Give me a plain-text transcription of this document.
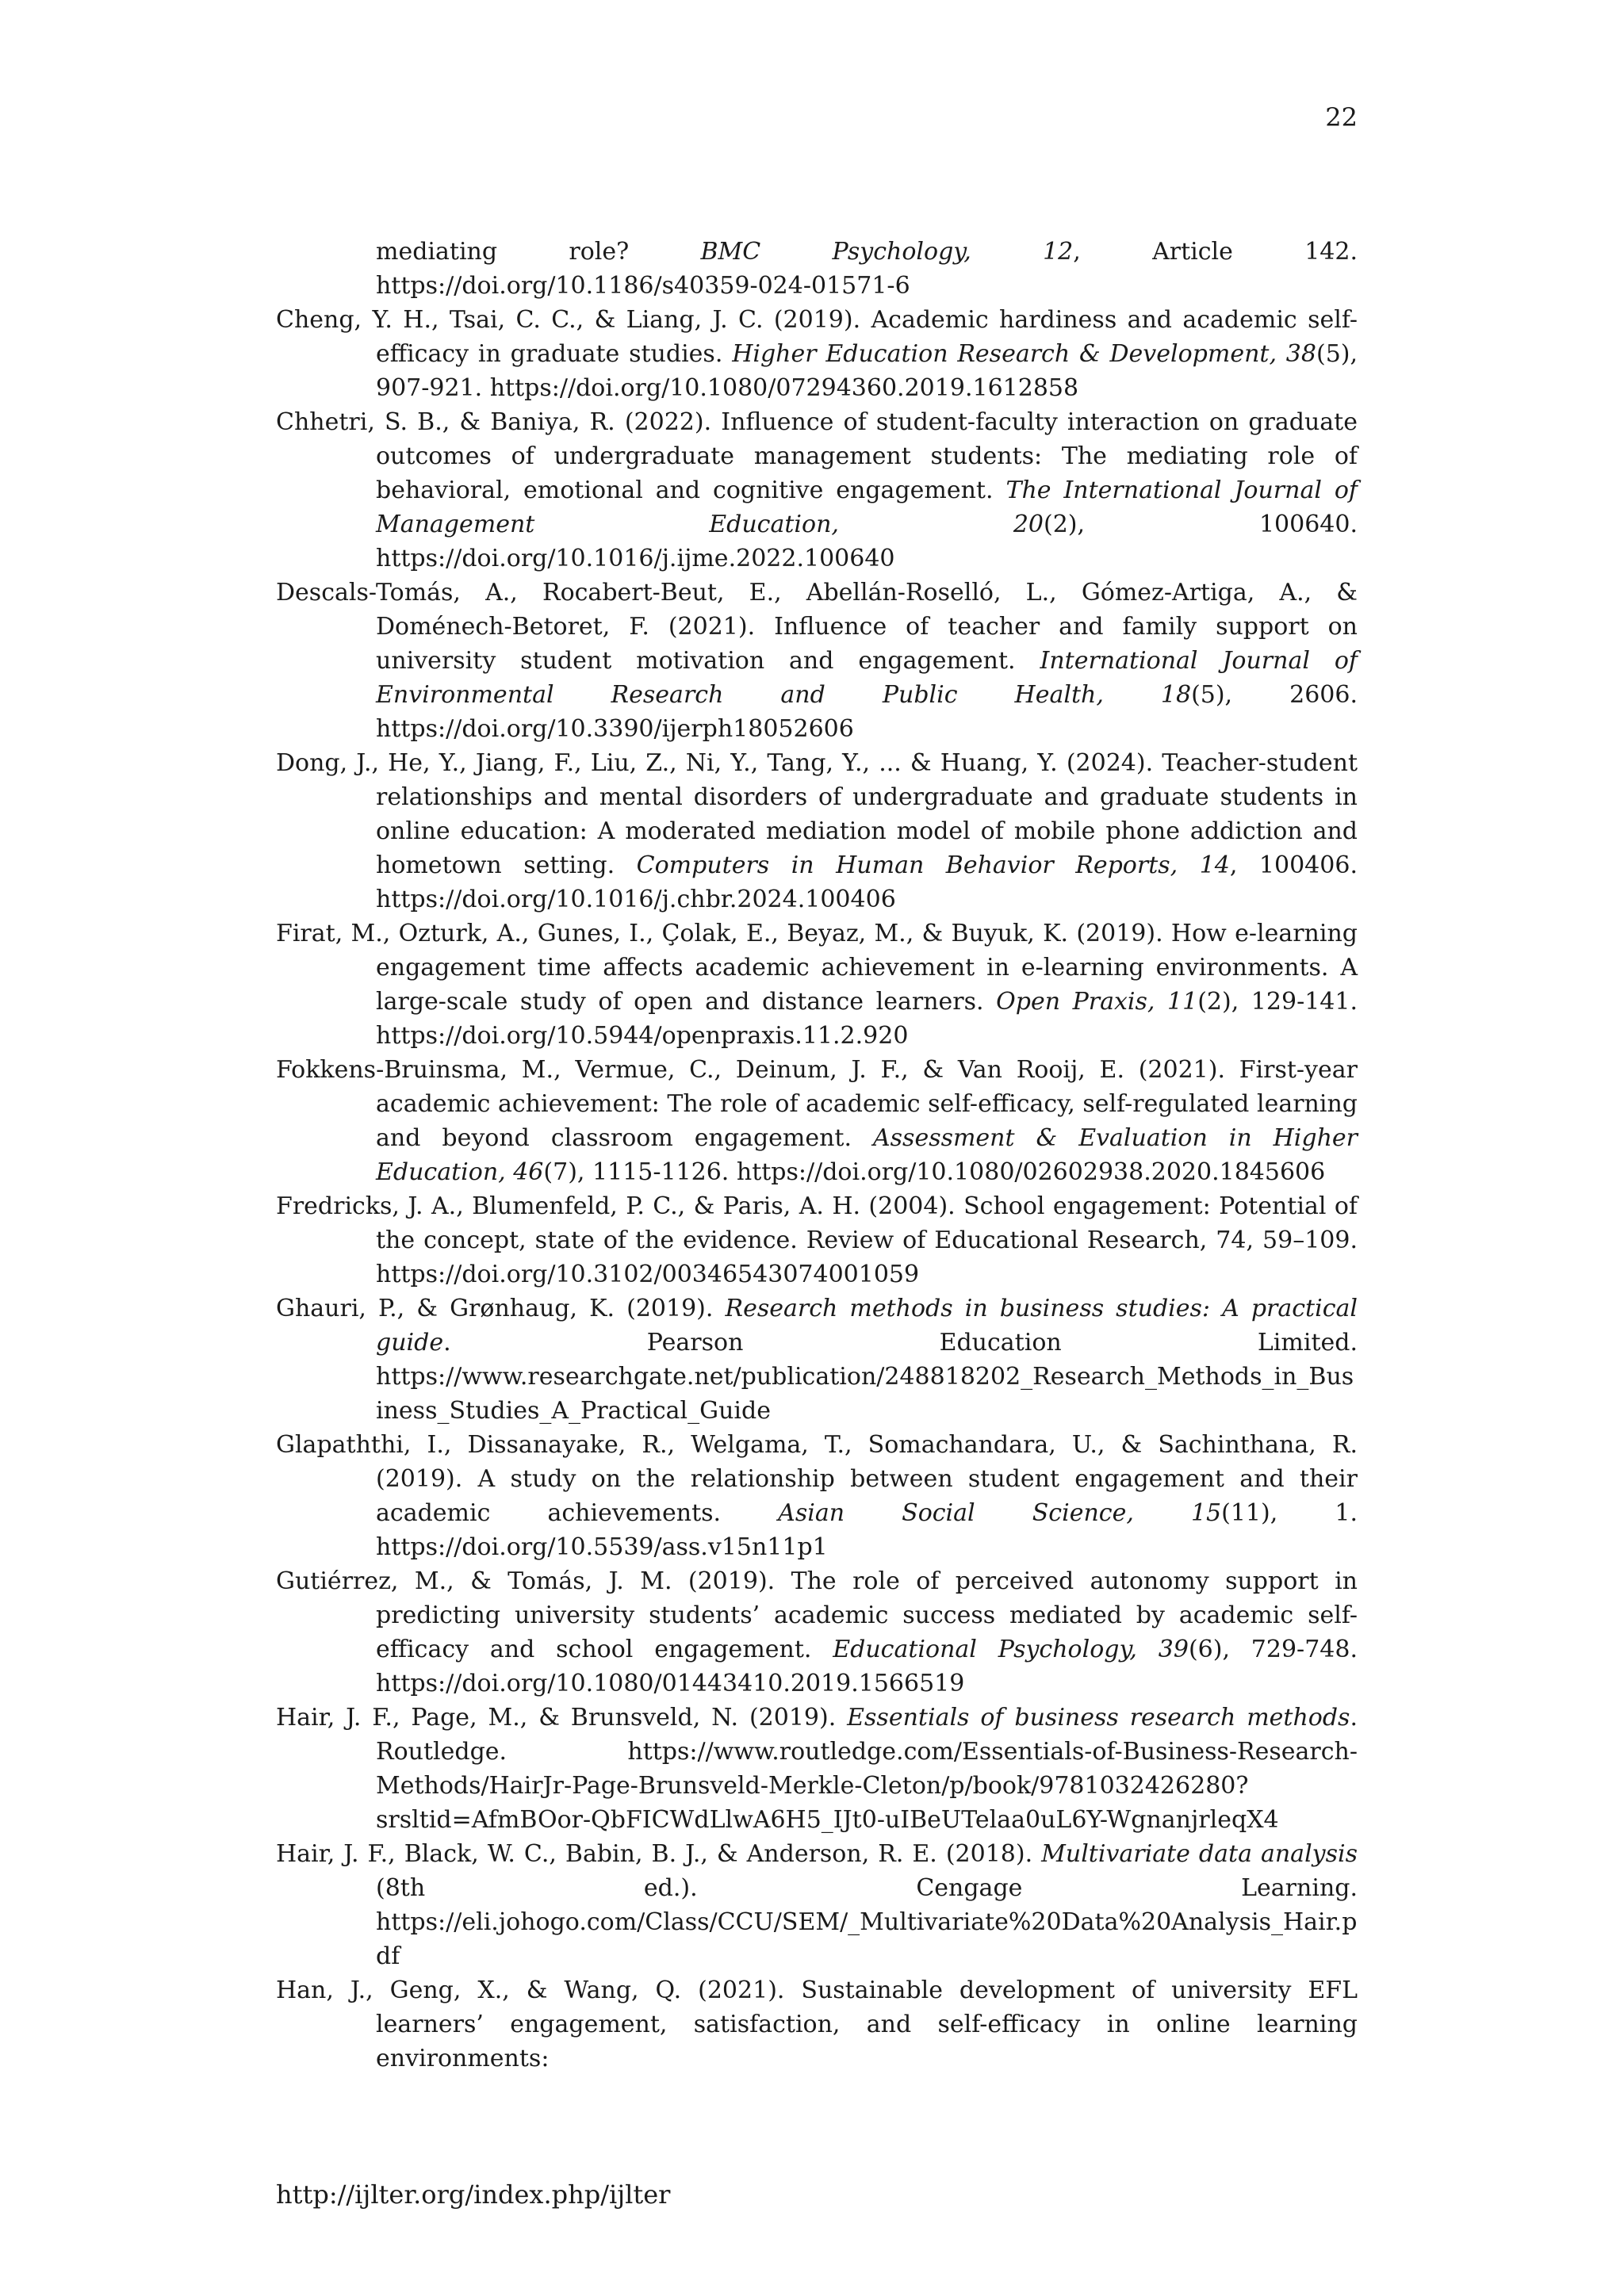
22

mediating role? BMC Psychology, 12, Article 142. https://doi.org/10.1186/s40359-024-01571-6

Cheng, Y. H., Tsai, C. C., & Liang, J. C. (2019). Academic hardiness and academic self-efficacy in graduate studies. Higher Education Research & Development, 38(5), 907-921. https://doi.org/10.1080/07294360.2019.1612858

Chhetri, S. B., & Baniya, R. (2022). Influence of student-faculty interaction on graduate outcomes of undergraduate management students: The mediating role of behavioral, emotional and cognitive engagement. The International Journal of Management Education, 20(2), 100640. https://doi.org/10.1016/j.ijme.2022.100640

Descals-Tomás, A., Rocabert-Beut, E., Abellán-Roselló, L., Gómez-Artiga, A., & Doménech-Betoret, F. (2021). Influence of teacher and family support on university student motivation and engagement. International Journal of Environmental Research and Public Health, 18(5), 2606. https://doi.org/10.3390/ijerph18052606

Dong, J., He, Y., Jiang, F., Liu, Z., Ni, Y., Tang, Y., ... & Huang, Y. (2024). Teacher-student relationships and mental disorders of undergraduate and graduate students in online education: A moderated mediation model of mobile phone addiction and hometown setting. Computers in Human Behavior Reports, 14, 100406. https://doi.org/10.1016/j.chbr.2024.100406

Firat, M., Ozturk, A., Gunes, I., Çolak, E., Beyaz, M., & Buyuk, K. (2019). How e-learning engagement time affects academic achievement in e-learning environments. A large-scale study of open and distance learners. Open Praxis, 11(2), 129-141. https://doi.org/10.5944/openpraxis.11.2.920

Fokkens-Bruinsma, M., Vermue, C., Deinum, J. F., & Van Rooij, E. (2021). First-year academic achievement: The role of academic self-efficacy, self-regulated learning and beyond classroom engagement. Assessment & Evaluation in Higher Education, 46(7), 1115-1126. https://doi.org/10.1080/02602938.2020.1845606

Fredricks, J. A., Blumenfeld, P. C., & Paris, A. H. (2004). School engagement: Potential of the concept, state of the evidence. Review of Educational Research, 74, 59–109. https://doi.org/10.3102/00346543074001059

Ghauri, P., & Grønhaug, K. (2019). Research methods in business studies: A practical guide. Pearson Education Limited. https://www.researchgate.net/publication/248818202_Research_Methods_in_Business_Studies_A_Practical_Guide

Glapaththi, I., Dissanayake, R., Welgama, T., Somachandara, U., & Sachinthana, R. (2019). A study on the relationship between student engagement and their academic achievements. Asian Social Science, 15(11), 1. https://doi.org/10.5539/ass.v15n11p1

Gutiérrez, M., & Tomás, J. M. (2019). The role of perceived autonomy support in predicting university students’ academic success mediated by academic self-efficacy and school engagement. Educational Psychology, 39(6), 729-748. https://doi.org/10.1080/01443410.2019.1566519

Hair, J. F., Page, M., & Brunsveld, N. (2019). Essentials of business research methods. Routledge. https://www.routledge.com/Essentials-of-Business-Research-Methods/HairJr-Page-Brunsveld-Merkle-Cleton/p/book/9781032426280?srsltid=AfmBOor-QbFICWdLlwA6H5_IJt0-uIBeUTelaa0uL6Y-WgnanjrleqX4

Hair, J. F., Black, W. C., Babin, B. J., & Anderson, R. E. (2018). Multivariate data analysis (8th ed.). Cengage Learning. https://eli.johogo.com/Class/CCU/SEM/_Multivariate%20Data%20Analysis_Hair.pdf

Han, J., Geng, X., & Wang, Q. (2021). Sustainable development of university EFL learners’ engagement, satisfaction, and self-efficacy in online learning environments:

http://ijlter.org/index.php/ijlter
